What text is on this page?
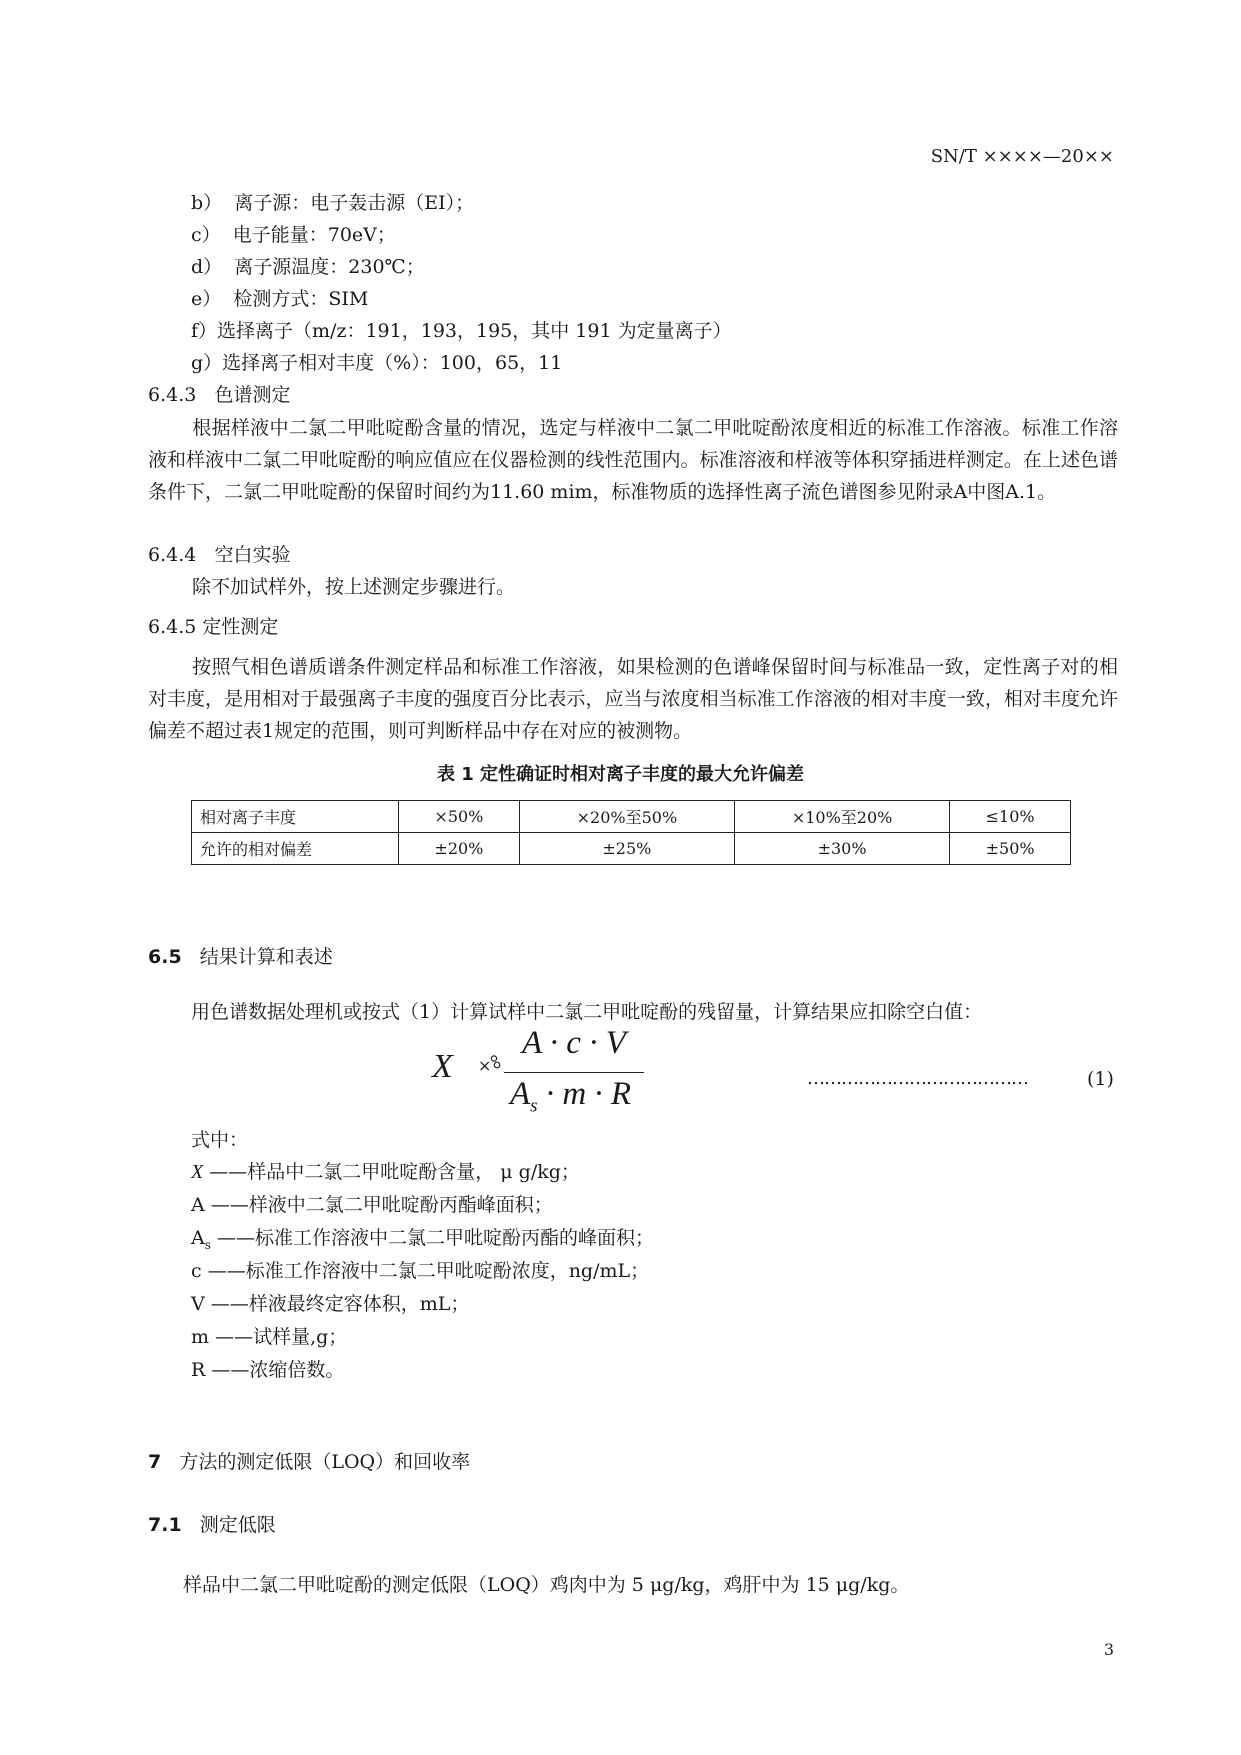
SN/T ××××—20××
b） 离子源：电子轰击源（EI）；
c） 电子能量：70eV；
d） 离子源温度：230℃；
e） 检测方式：SIM
f）选择离子（m/z：191，193，195，其中 191 为定量离子）
g）选择离子相对丰度（%）：100，65，11
6.4.3 色谱测定
根据样液中二氯二甲吡啶酚含量的情况，选定与样液中二氯二甲吡啶酚浓度相近的标准工作溶液。标准工作溶液和样液中二氯二甲吡啶酚的响应值应在仪器检测的线性范围内。标准溶液和样液等体积穿插进样测定。在上述色谱条件下，二氯二甲吡啶酚的保留时间约为11.60 mim，标准物质的选择性离子流色谱图参见附录A中图A.1。
6.4.4 空白实验
除不加试样外，按上述测定步骤进行。
6.4.5 定性测定
按照气相色谱质谱条件测定样品和标准工作溶液，如果检测的色谱峰保留时间与标准品一致，定性离子对的相对丰度，是用相对于最强离子丰度的强度百分比表示，应当与浓度相当标准工作溶液的相对丰度一致，相对丰度允许偏差不超过表1规定的范围，则可判断样品中存在对应的被测物。
表 1 定性确证时相对离子丰度的最大允许偏差
相对离子丰度	×50%	×20%至50%	×10%至20%	≤10%
允许的相对偏差	±20%	±25%	±30%	±50%
6.5 结果计算和表述
用色谱数据处理机或按式（1）计算试样中二氯二甲吡啶酚的残留量，计算结果应扣除空白值：
X ×
A · c · V
$A_s \cdot m \cdot R$	…………………………………	(1)
式中：
X ——样品中二氯二甲吡啶酚含量， μ g/kg；
A ——样液中二氯二甲吡啶酚丙酯峰面积；
$A_s$ ——标准工作溶液中二氯二甲吡啶酚丙酯的峰面积；
c ——标准工作溶液中二氯二甲吡啶酚浓度，ng/mL；
V ——样液最终定容体积，mL；
m ——试样量,g；
R ——浓缩倍数。
7 方法的测定低限（LOQ）和回收率
7.1 测定低限
样品中二氯二甲吡啶酚的测定低限（LOQ）鸡肉中为 5 μg/kg，鸡肝中为 15 μg/kg。
3
